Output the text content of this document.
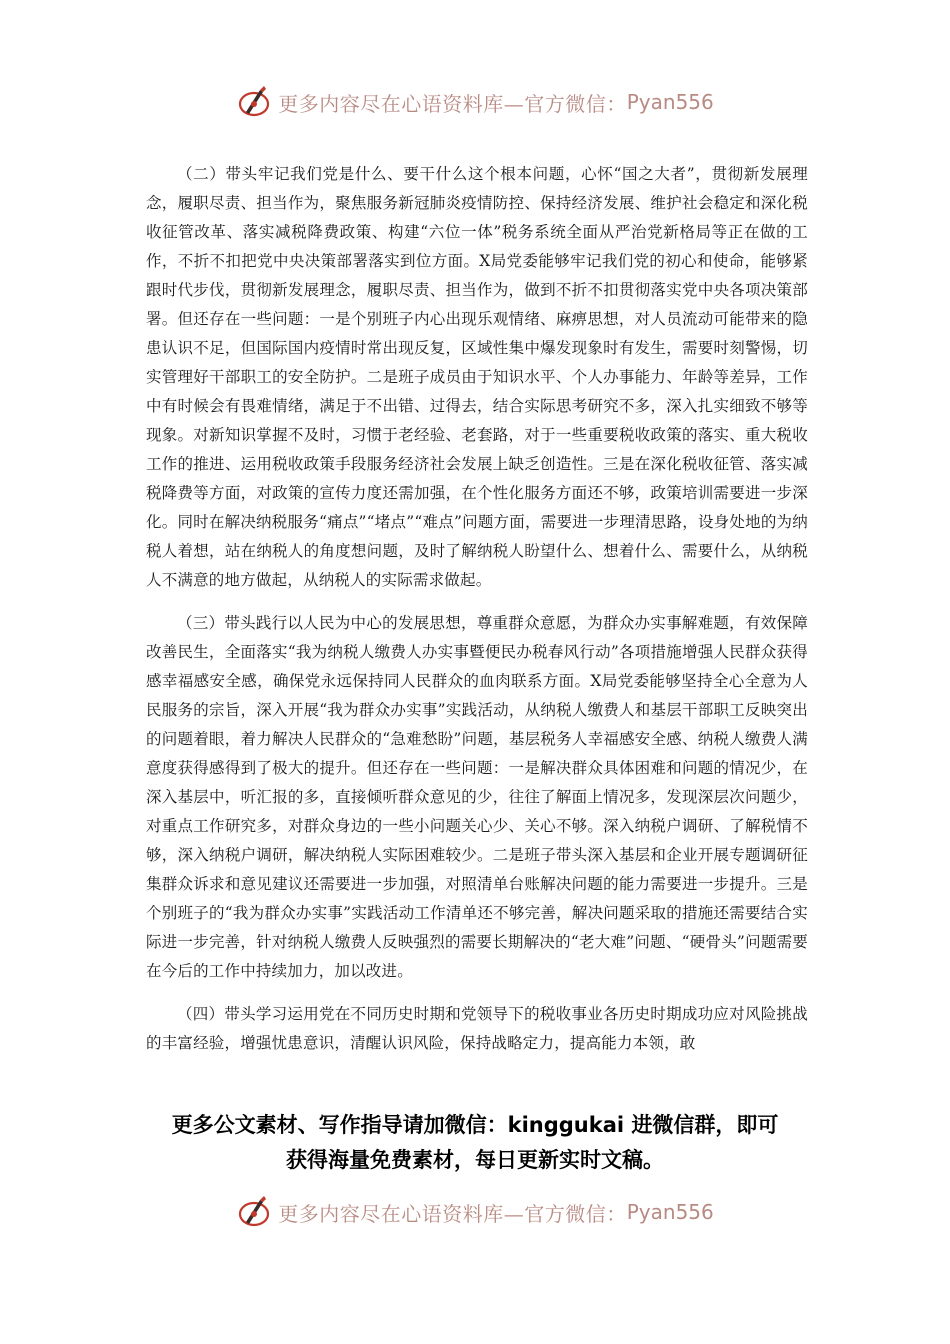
更多内容尽在心语资料库—官方微信： Pyan556

（二）带头牢记我们党是什么、要干什么这个根本问题，心怀“国之大者”，贯彻新发展理念，履职尽责、担当作为，聚焦服务新冠肺炎疫情防控、保持经济发展、维护社会稳定和深化税收征管改革、落实减税降费政策、构建“六位一体”税务系统全面从严治党新格局等正在做的工作，不折不扣把党中央决策部署落实到位方面。X局党委能够牢记我们党的初心和使命，能够紧跟时代步伐，贯彻新发展理念，履职尽责、担当作为，做到不折不扣贯彻落实党中央各项决策部署。但还存在一些问题：一是个别班子内心出现乐观情绪、麻痹思想，对人员流动可能带来的隐患认识不足，但国际国内疫情时常出现反复，区域性集中爆发现象时有发生，需要时刻警惕，切实管理好干部职工的安全防护。二是班子成员由于知识水平、个人办事能力、年龄等差异，工作中有时候会有畏难情绪，满足于不出错、过得去，结合实际思考研究不多，深入扎实细致不够等现象。对新知识掌握不及时，习惯于老经验、老套路，对于一些重要税收政策的落实、重大税收工作的推进、运用税收政策手段服务经济社会发展上缺乏创造性。三是在深化税收征管、落实减税降费等方面，对政策的宣传力度还需加强，在个性化服务方面还不够，政策培训需要进一步深化。同时在解决纳税服务“痛点”“堵点”“难点”问题方面，需要进一步理清思路，设身处地的为纳税人着想，站在纳税人的角度想问题，及时了解纳税人盼望什么、想着什么、需要什么，从纳税人不满意的地方做起，从纳税人的实际需求做起。

（三）带头践行以人民为中心的发展思想，尊重群众意愿，为群众办实事解难题，有效保障改善民生，全面落实“我为纳税人缴费人办实事暨便民办税春风行动”各项措施增强人民群众获得感幸福感安全感，确保党永远保持同人民群众的血肉联系方面。X局党委能够坚持全心全意为人民服务的宗旨，深入开展“我为群众办实事”实践活动，从纳税人缴费人和基层干部职工反映突出的问题着眼，着力解决人民群众的“急难愁盼”问题，基层税务人幸福感安全感、纳税人缴费人满意度获得感得到了极大的提升。但还存在一些问题：一是解决群众具体困难和问题的情况少，在深入基层中，听汇报的多，直接倾听群众意见的少，往往了解面上情况多，发现深层次问题少，对重点工作研究多，对群众身边的一些小问题关心少、关心不够。深入纳税户调研、了解税情不够，深入纳税户调研，解决纳税人实际困难较少。二是班子带头深入基层和企业开展专题调研征集群众诉求和意见建议还需要进一步加强，对照清单台账解决问题的能力需要进一步提升。三是个别班子的“我为群众办实事”实践活动工作清单还不够完善，解决问题采取的措施还需要结合实际进一步完善，针对纳税人缴费人反映强烈的需要长期解决的“老大难”问题、“硬骨头”问题需要在今后的工作中持续加力，加以改进。

（四）带头学习运用党在不同历史时期和党领导下的税收事业各历史时期成功应对风险挑战的丰富经验，增强忧患意识，清醒认识风险，保持战略定力，提高能力本领，敢

更多公文素材、写作指导请加微信：kinggukai 进微信群，即可
获得海量免费素材，每日更新实时文稿。
更多内容尽在心语资料库—官方微信： Pyan556
